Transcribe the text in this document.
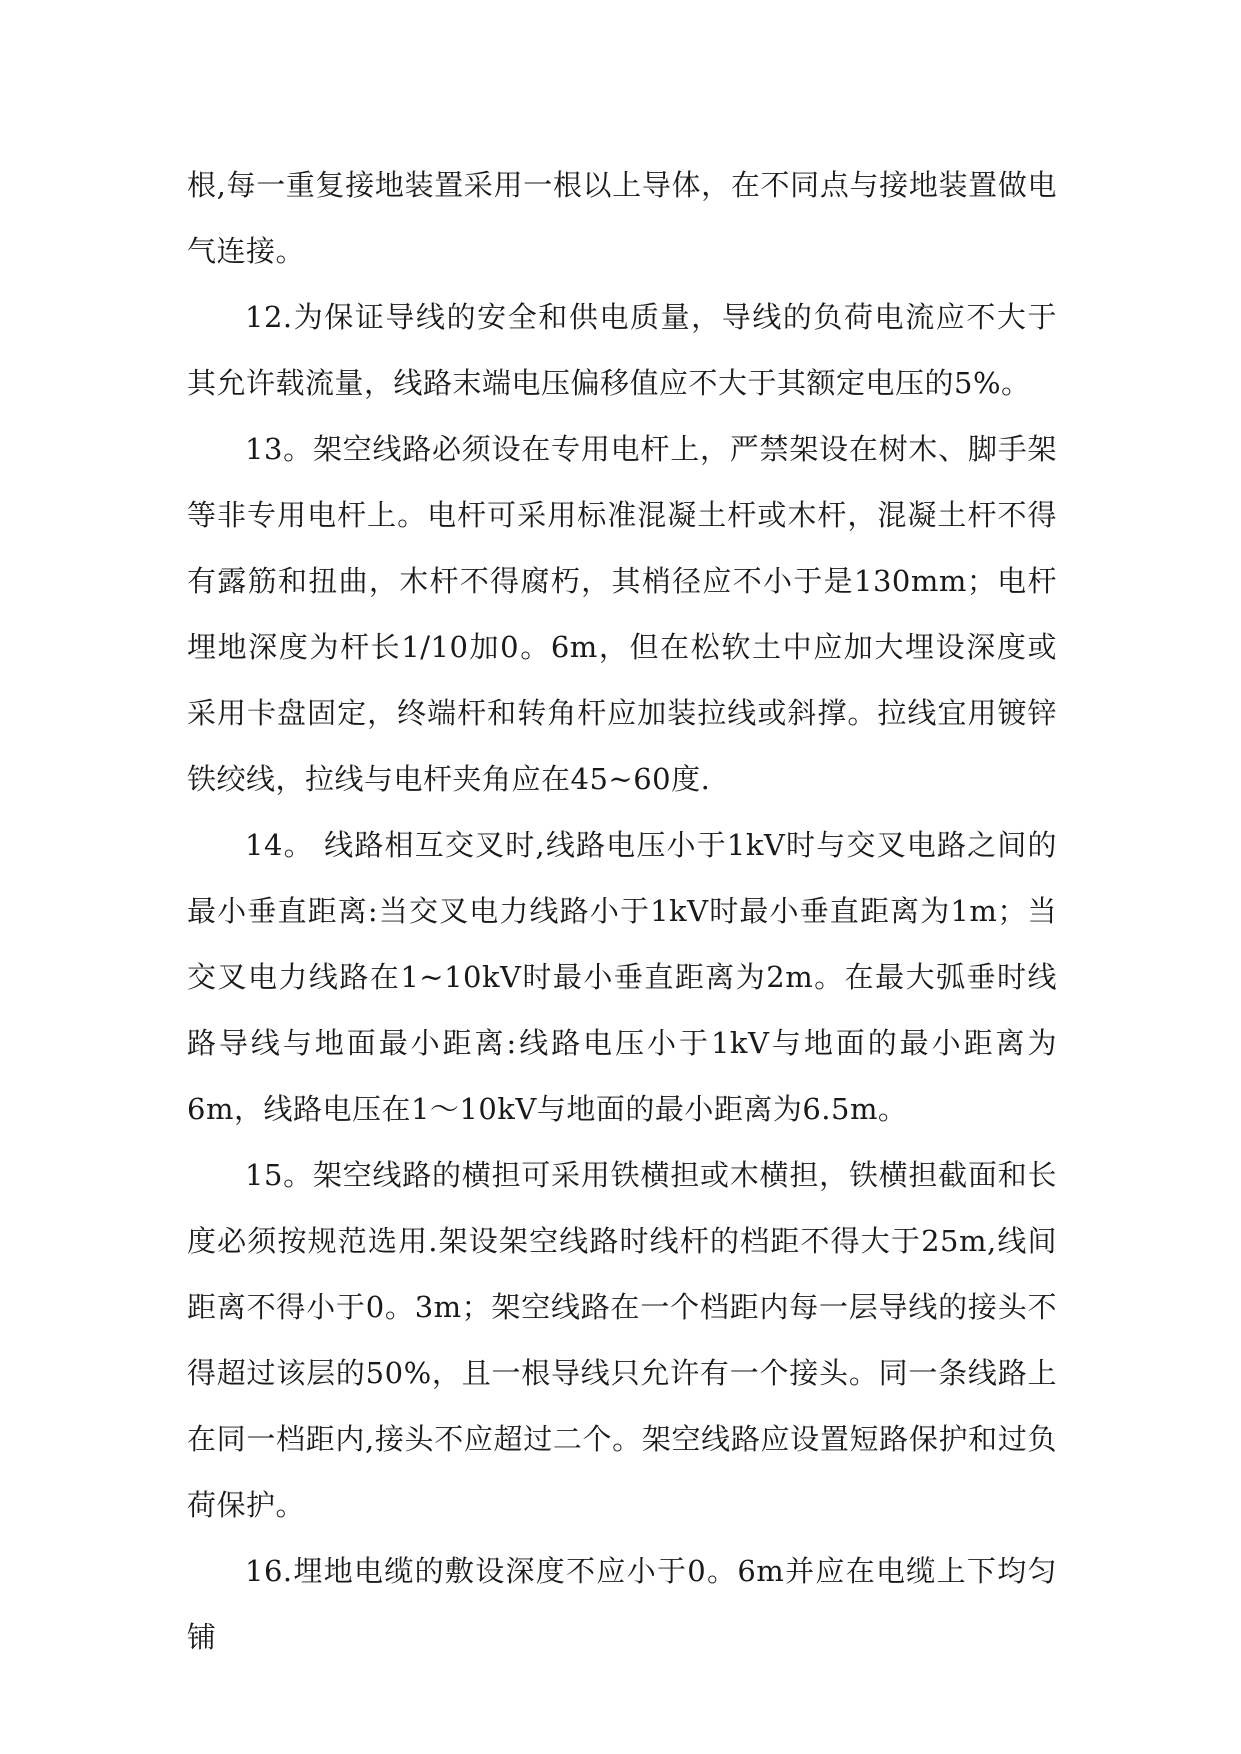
根,每一重复接地装置采用一根以上导体，在不同点与接地装置做电气连接。

12.为保证导线的安全和供电质量，导线的负荷电流应不大于其允许载流量，线路末端电压偏移值应不大于其额定电压的5%。

13。架空线路必须设在专用电杆上，严禁架设在树木、脚手架等非专用电杆上。电杆可采用标准混凝土杆或木杆，混凝土杆不得有露筋和扭曲，木杆不得腐朽，其梢径应不小于是130mm；电杆埋地深度为杆长1/10加0。6m，但在松软土中应加大埋设深度或采用卡盘固定，终端杆和转角杆应加装拉线或斜撑。拉线宜用镀锌铁绞线，拉线与电杆夹角应在45~60度.

14。 线路相互交叉时,线路电压小于1kV时与交叉电路之间的最小垂直距离:当交叉电力线路小于1kV时最小垂直距离为1m；当交叉电力线路在1~10kV时最小垂直距离为2m。在最大弧垂时线路导线与地面最小距离:线路电压小于1kV与地面的最小距离为6m，线路电压在1～10kV与地面的最小距离为6.5m。

15。架空线路的横担可采用铁横担或木横担，铁横担截面和长度必须按规范选用.架设架空线路时线杆的档距不得大于25m,线间距离不得小于0。3m；架空线路在一个档距内每一层导线的接头不得超过该层的50%，且一根导线只允许有一个接头。同一条线路上在同一档距内,接头不应超过二个。架空线路应设置短路保护和过负荷保护。

16.埋地电缆的敷设深度不应小于0。6m并应在电缆上下均匀铺
